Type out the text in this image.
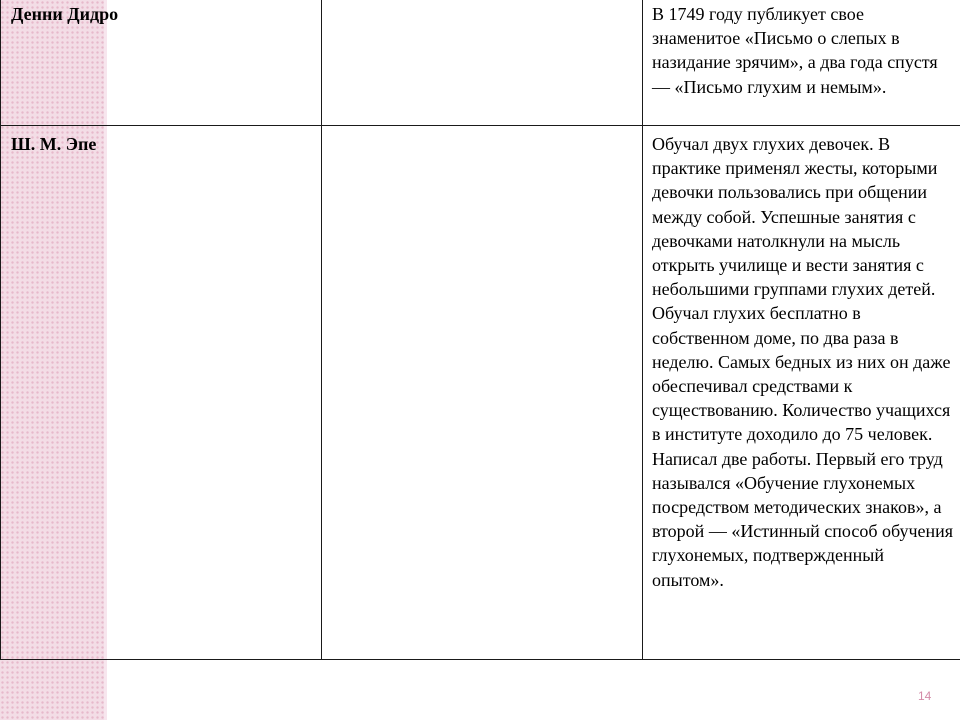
Денни Дидро		В 1749 году публикует свое знаменитое «Письмо о слепых в назидание зрячим», а два года спустя — «Письмо глухим и немым».
Ш. М. Эпе		Обучал двух глухих девочек. В практике применял жесты, которыми девочки пользовались при общении между собой. Успешные занятия с девочками натолкнули на мысль открыть училище и вести занятия с небольшими группами глухих детей. Обучал глухих бесплатно в собственном доме, по два раза в неделю. Самых бедных из них он даже обеспечивал средствами к существованию. Количество учащихся в институте доходило до 75 человек. Написал две работы. Первый его труд назывался «Обучение глухонемых посредством методических знаков», а второй — «Истинный способ обучения глухонемых, подтвержденный опытом».
14
